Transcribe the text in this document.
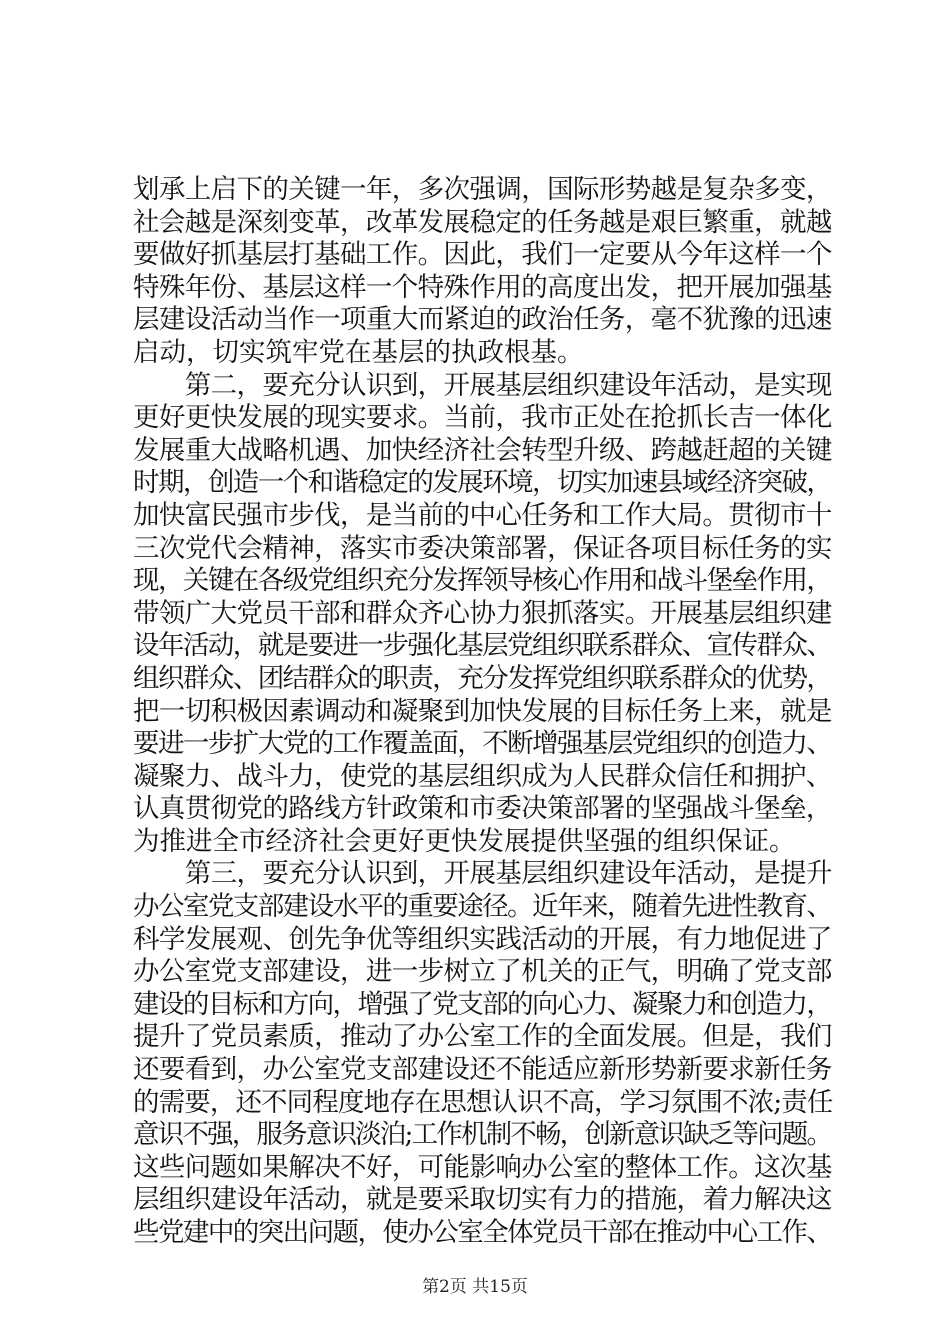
划承上启下的关键一年，多次强调，国际形势越是复杂多变，
社会越是深刻变革，改革发展稳定的任务越是艰巨繁重，就越
要做好抓基层打基础工作。因此，我们一定要从今年这样一个
特殊年份、基层这样一个特殊作用的高度出发，把开展加强基
层建设活动当作一项重大而紧迫的政治任务，毫不犹豫的迅速
启动，切实筑牢党在基层的执政根基。
　　第二，要充分认识到，开展基层组织建设年活动，是实现
更好更快发展的现实要求。当前，我市正处在抢抓长吉一体化
发展重大战略机遇、加快经济社会转型升级、跨越赶超的关键
时期，创造一个和谐稳定的发展环境，切实加速县域经济突破，
加快富民强市步伐，是当前的中心任务和工作大局。贯彻市十
三次党代会精神，落实市委决策部署，保证各项目标任务的实
现，关键在各级党组织充分发挥领导核心作用和战斗堡垒作用，
带领广大党员干部和群众齐心协力狠抓落实。开展基层组织建
设年活动，就是要进一步强化基层党组织联系群众、宣传群众、
组织群众、团结群众的职责，充分发挥党组织联系群众的优势，
把一切积极因素调动和凝聚到加快发展的目标任务上来，就是
要进一步扩大党的工作覆盖面，不断增强基层党组织的创造力、
凝聚力、战斗力，使党的基层组织成为人民群众信任和拥护、
认真贯彻党的路线方针政策和市委决策部署的坚强战斗堡垒，
为推进全市经济社会更好更快发展提供坚强的组织保证。
　　第三，要充分认识到，开展基层组织建设年活动，是提升
办公室党支部建设水平的重要途径。近年来，随着先进性教育、
科学发展观、创先争优等组织实践活动的开展，有力地促进了
办公室党支部建设，进一步树立了机关的正气，明确了党支部
建设的目标和方向，增强了党支部的向心力、凝聚力和创造力，
提升了党员素质，推动了办公室工作的全面发展。但是，我们
还要看到，办公室党支部建设还不能适应新形势新要求新任务
的需要，还不同程度地存在思想认识不高，学习氛围不浓;责任
意识不强，服务意识淡泊;工作机制不畅，创新意识缺乏等问题。
这些问题如果解决不好，可能影响办公室的整体工作。这次基
层组织建设年活动，就是要采取切实有力的措施，着力解决这
些党建中的突出问题，使办公室全体党员干部在推动中心工作、
第2页 共15页
